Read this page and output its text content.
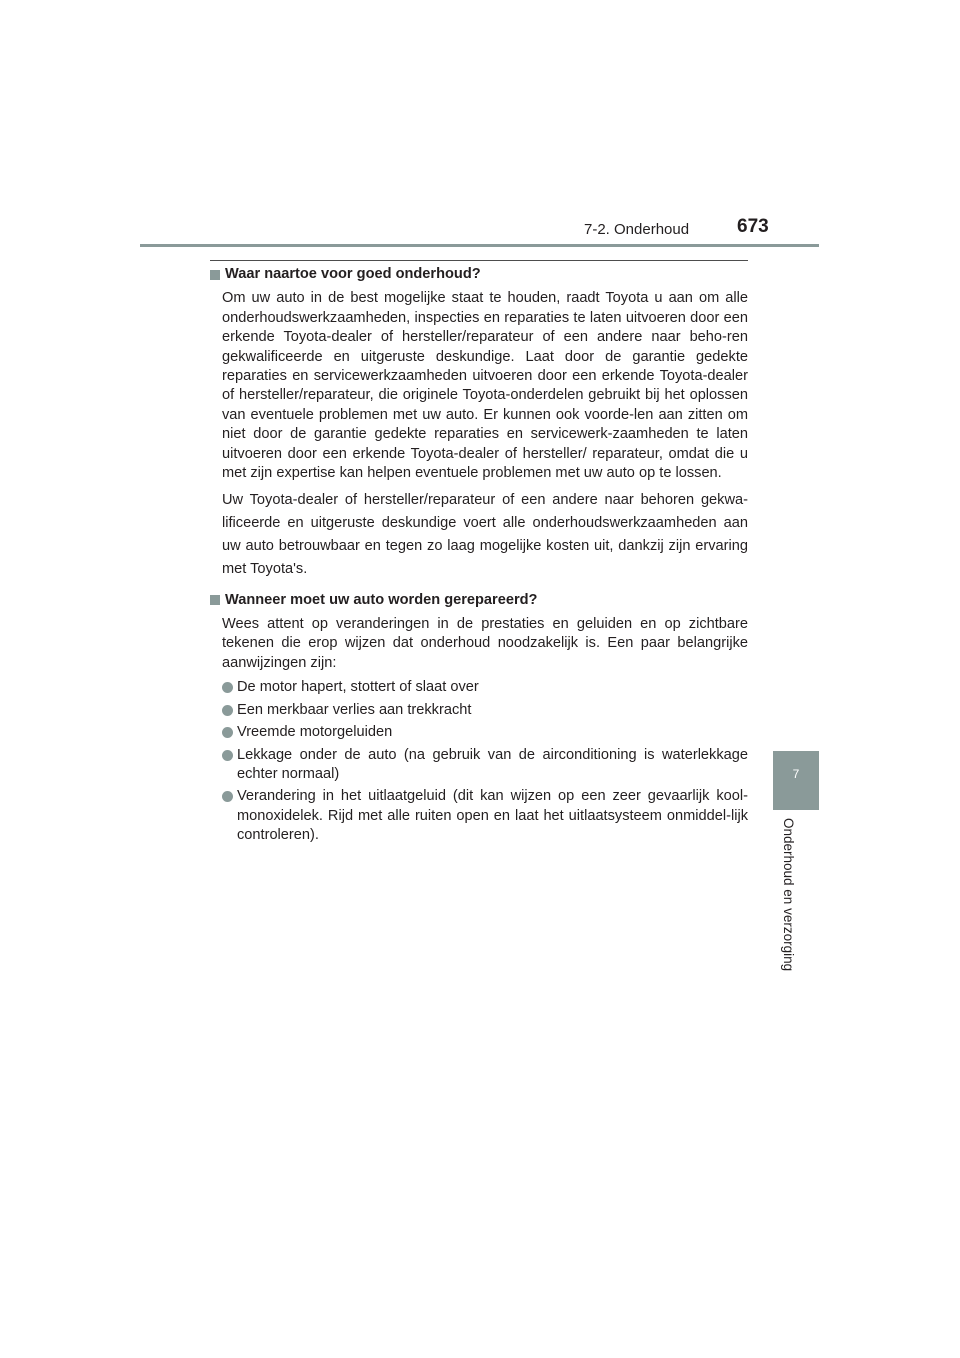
7-2. Onderhoud	673
Waar naartoe voor goed onderhoud?
Om uw auto in de best mogelijke staat te houden, raadt Toyota u aan om alle onderhoudswerkzaamheden, inspecties en reparaties te laten uitvoeren door een erkende Toyota-dealer of hersteller/reparateur of een andere naar beho-ren gekwalificeerde en uitgeruste deskundige. Laat door de garantie gedekte reparaties en servicewerkzaamheden uitvoeren door een erkende Toyota-dealer of hersteller/reparateur, die originele Toyota-onderdelen gebruikt bij het oplossen van eventuele problemen met uw auto. Er kunnen ook voorde-len aan zitten om niet door de garantie gedekte reparaties en servicewerk-zaamheden te laten uitvoeren door een erkende Toyota-dealer of hersteller/ reparateur, omdat die u met zijn expertise kan helpen eventuele problemen met uw auto op te lossen.
Uw Toyota-dealer of hersteller/reparateur of een andere naar behoren gekwa-lificeerde en uitgeruste deskundige voert alle onderhoudswerkzaamheden aan uw auto betrouwbaar en tegen zo laag mogelijke kosten uit, dankzij zijn ervaring met Toyota's.
Wanneer moet uw auto worden gerepareerd?
Wees attent op veranderingen in de prestaties en geluiden en op zichtbare tekenen die erop wijzen dat onderhoud noodzakelijk is. Een paar belangrijke aanwijzingen zijn:
De motor hapert, stottert of slaat over
Een merkbaar verlies aan trekkracht
Vreemde motorgeluiden
Lekkage onder de auto (na gebruik van de airconditioning is waterlekkage echter normaal)
Verandering in het uitlaatgeluid (dit kan wijzen op een zeer gevaarlijk kool-monoxidelek. Rijd met alle ruiten open en laat het uitlaatsysteem onmiddel-lijk controleren).
7
Onderhoud en verzorging
